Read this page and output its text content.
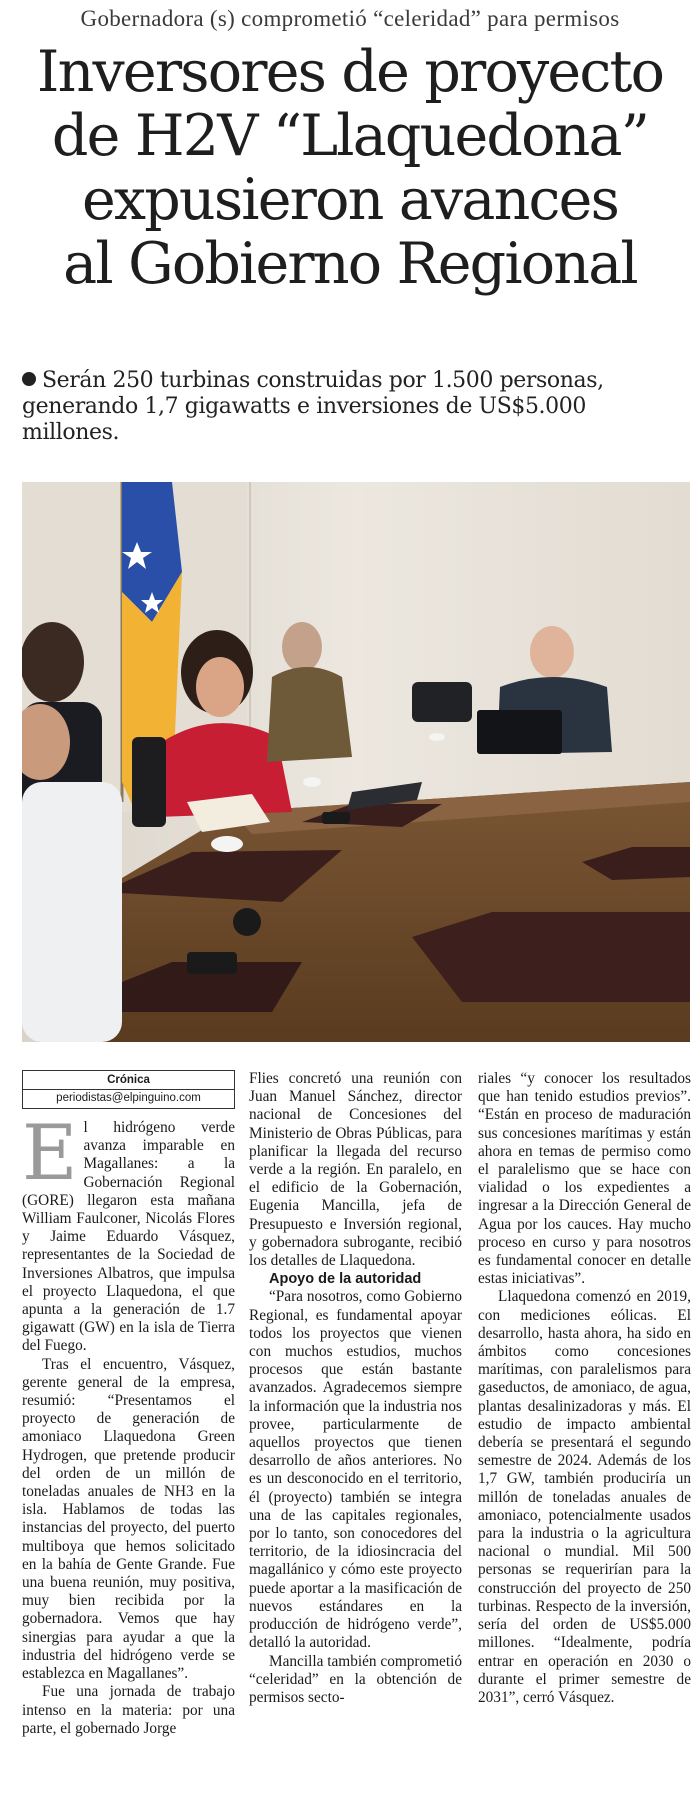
Gobernadora (s) comprometió “celeridad” para permisos
Inversores de proyecto
de H2V “Llaquedona”
expusieron avances
al Gobierno Regional
Serán 250 turbinas construidas por 1.500 personas, generando 1,7 gigawatts e inversiones de US$5.000 millones.
Crónica
periodistas@elpinguino.com

El hidrógeno verde avanza imparable en Magallanes: a la Gobernación Regional (GORE) llegaron esta mañana William Faulconer, Nicolás Flores y Jaime Eduardo Vásquez, representantes de la Sociedad de Inversiones Albatros, que impulsa el proyecto Llaquedona, el que apunta a la generación de 1.7 gigawatt (GW) en la isla de Tierra del Fuego.

Tras el encuentro, Vásquez, gerente general de la empresa, resumió: “Presentamos el proyecto de generación de amoniaco Llaquedona Green Hydrogen, que pretende producir del orden de un millón de toneladas anuales de NH3 en la isla. Hablamos de todas las instancias del proyecto, del puerto multiboya que hemos solicitado en la bahía de Gente Grande. Fue una buena reunión, muy positiva, muy bien recibida por la gobernadora. Vemos que hay sinergias para ayudar a que la industria del hidrógeno verde se establezca en Magallanes”.

Fue una jornada de trabajo intenso en la materia: por una parte, el gobernado Jorge

Flies concretó una reunión con Juan Manuel Sánchez, director nacional de Concesiones del Ministerio de Obras Públicas, para planificar la llegada del recurso verde a la región. En paralelo, en el edificio de la Gobernación, Eugenia Mancilla, jefa de Presupuesto e Inversión regional, y gobernadora subrogante, recibió los detalles de Llaquedona.

Apoyo de la autoridad

“Para nosotros, como Gobierno Regional, es fundamental apoyar todos los proyectos que vienen con muchos estudios, muchos procesos que están bastante avanzados. Agradecemos siempre la información que la industria nos provee, particularmente de aquellos proyectos que tienen desarrollo de años anteriores. No es un desconocido en el territorio, él (proyecto) también se integra una de las capitales regionales, por lo tanto, son conocedores del territorio, de la idiosincracia del magallánico y cómo este proyecto puede aportar a la masificación de nuevos estándares en la producción de hidrógeno verde”, detalló la autoridad.

Mancilla también comprometió “celeridad” en la obtención de permisos secto-

riales “y conocer los resultados que han tenido estudios previos”. “Están en proceso de maduración sus concesiones marítimas y están ahora en temas de permiso como el paralelismo que se hace con vialidad o los expedientes a ingresar a la Dirección General de Agua por los cauces. Hay mucho proceso en curso y para nosotros es fundamental conocer en detalle estas iniciativas”.

Llaquedona comenzó en 2019, con mediciones eólicas. El desarrollo, hasta ahora, ha sido en ámbitos como concesiones marítimas, con paralelismos para gaseductos, de amoniaco, de agua, plantas desalinizadoras y más. El estudio de impacto ambiental debería se presentará el segundo semestre de 2024. Además de los 1,7 GW, también produciría un millón de toneladas anuales de amoniaco, potencialmente usados para la industria o la agricultura nacional o mundial. Mil 500 personas se requerirían para la construcción del proyecto de 250 turbinas. Respecto de la inversión, sería del orden de US$5.000 millones. “Idealmente, podría entrar en operación en 2030 o durante el primer semestre de 2031”, cerró Vásquez.
